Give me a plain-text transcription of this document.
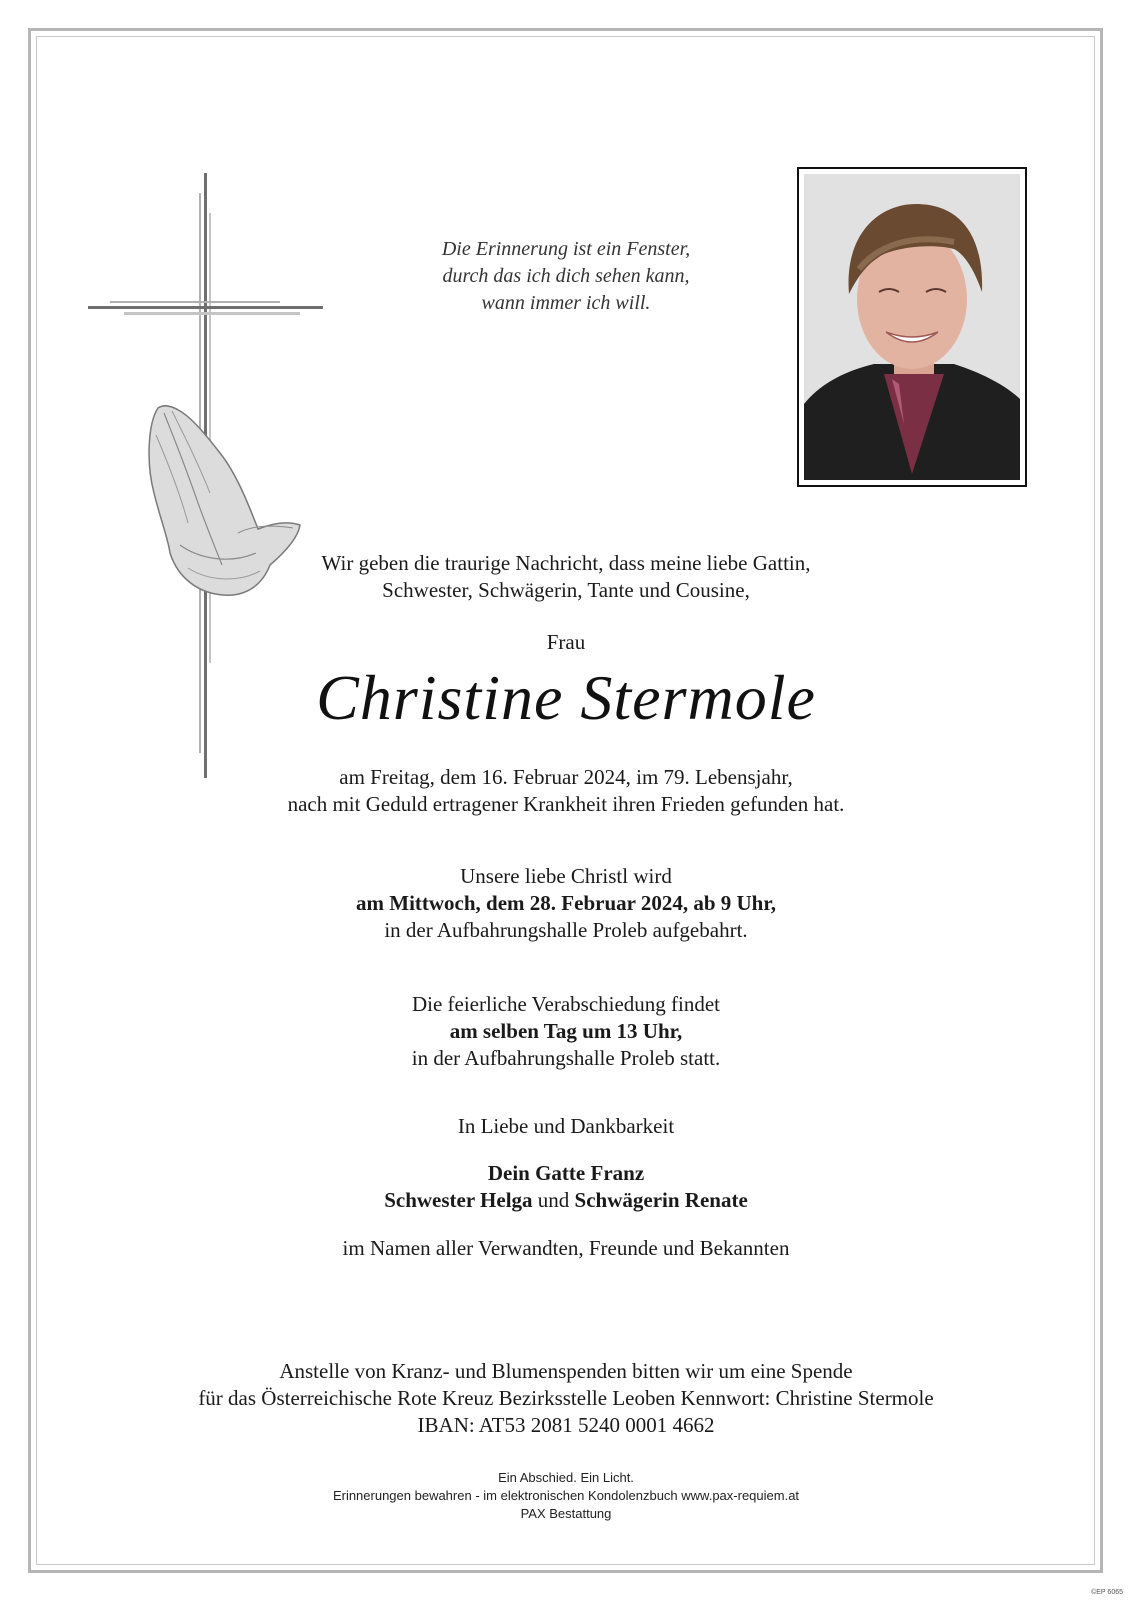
Die Erinnerung ist ein Fenster,
durch das ich dich sehen kann,
wann immer ich will.
Wir geben die traurige Nachricht, dass meine liebe Gattin,
Schwester, Schwägerin, Tante und Cousine,
Frau
Christine Stermole
am Freitag, dem 16. Februar 2024, im 79. Lebensjahr,
nach mit Geduld ertragener Krankheit ihren Frieden gefunden hat.
Unsere liebe Christl wird
am Mittwoch, dem 28. Februar 2024, ab 9 Uhr,
in der Aufbahrungshalle Proleb aufgebahrt.
Die feierliche Verabschiedung findet
am selben Tag um 13 Uhr,
in der Aufbahrungshalle Proleb statt.
In Liebe und Dankbarkeit
Dein Gatte Franz
Schwester Helga und Schwägerin Renate
im Namen aller Verwandten, Freunde und Bekannten
Anstelle von Kranz- und Blumenspenden bitten wir um eine Spende
für das Österreichische Rote Kreuz Bezirksstelle Leoben Kennwort: Christine Stermole
IBAN: AT53 2081 5240 0001 4662
Ein Abschied. Ein Licht.
Erinnerungen bewahren - im elektronischen Kondolenzbuch www.pax-requiem.at
PAX Bestattung
©EP 6065
